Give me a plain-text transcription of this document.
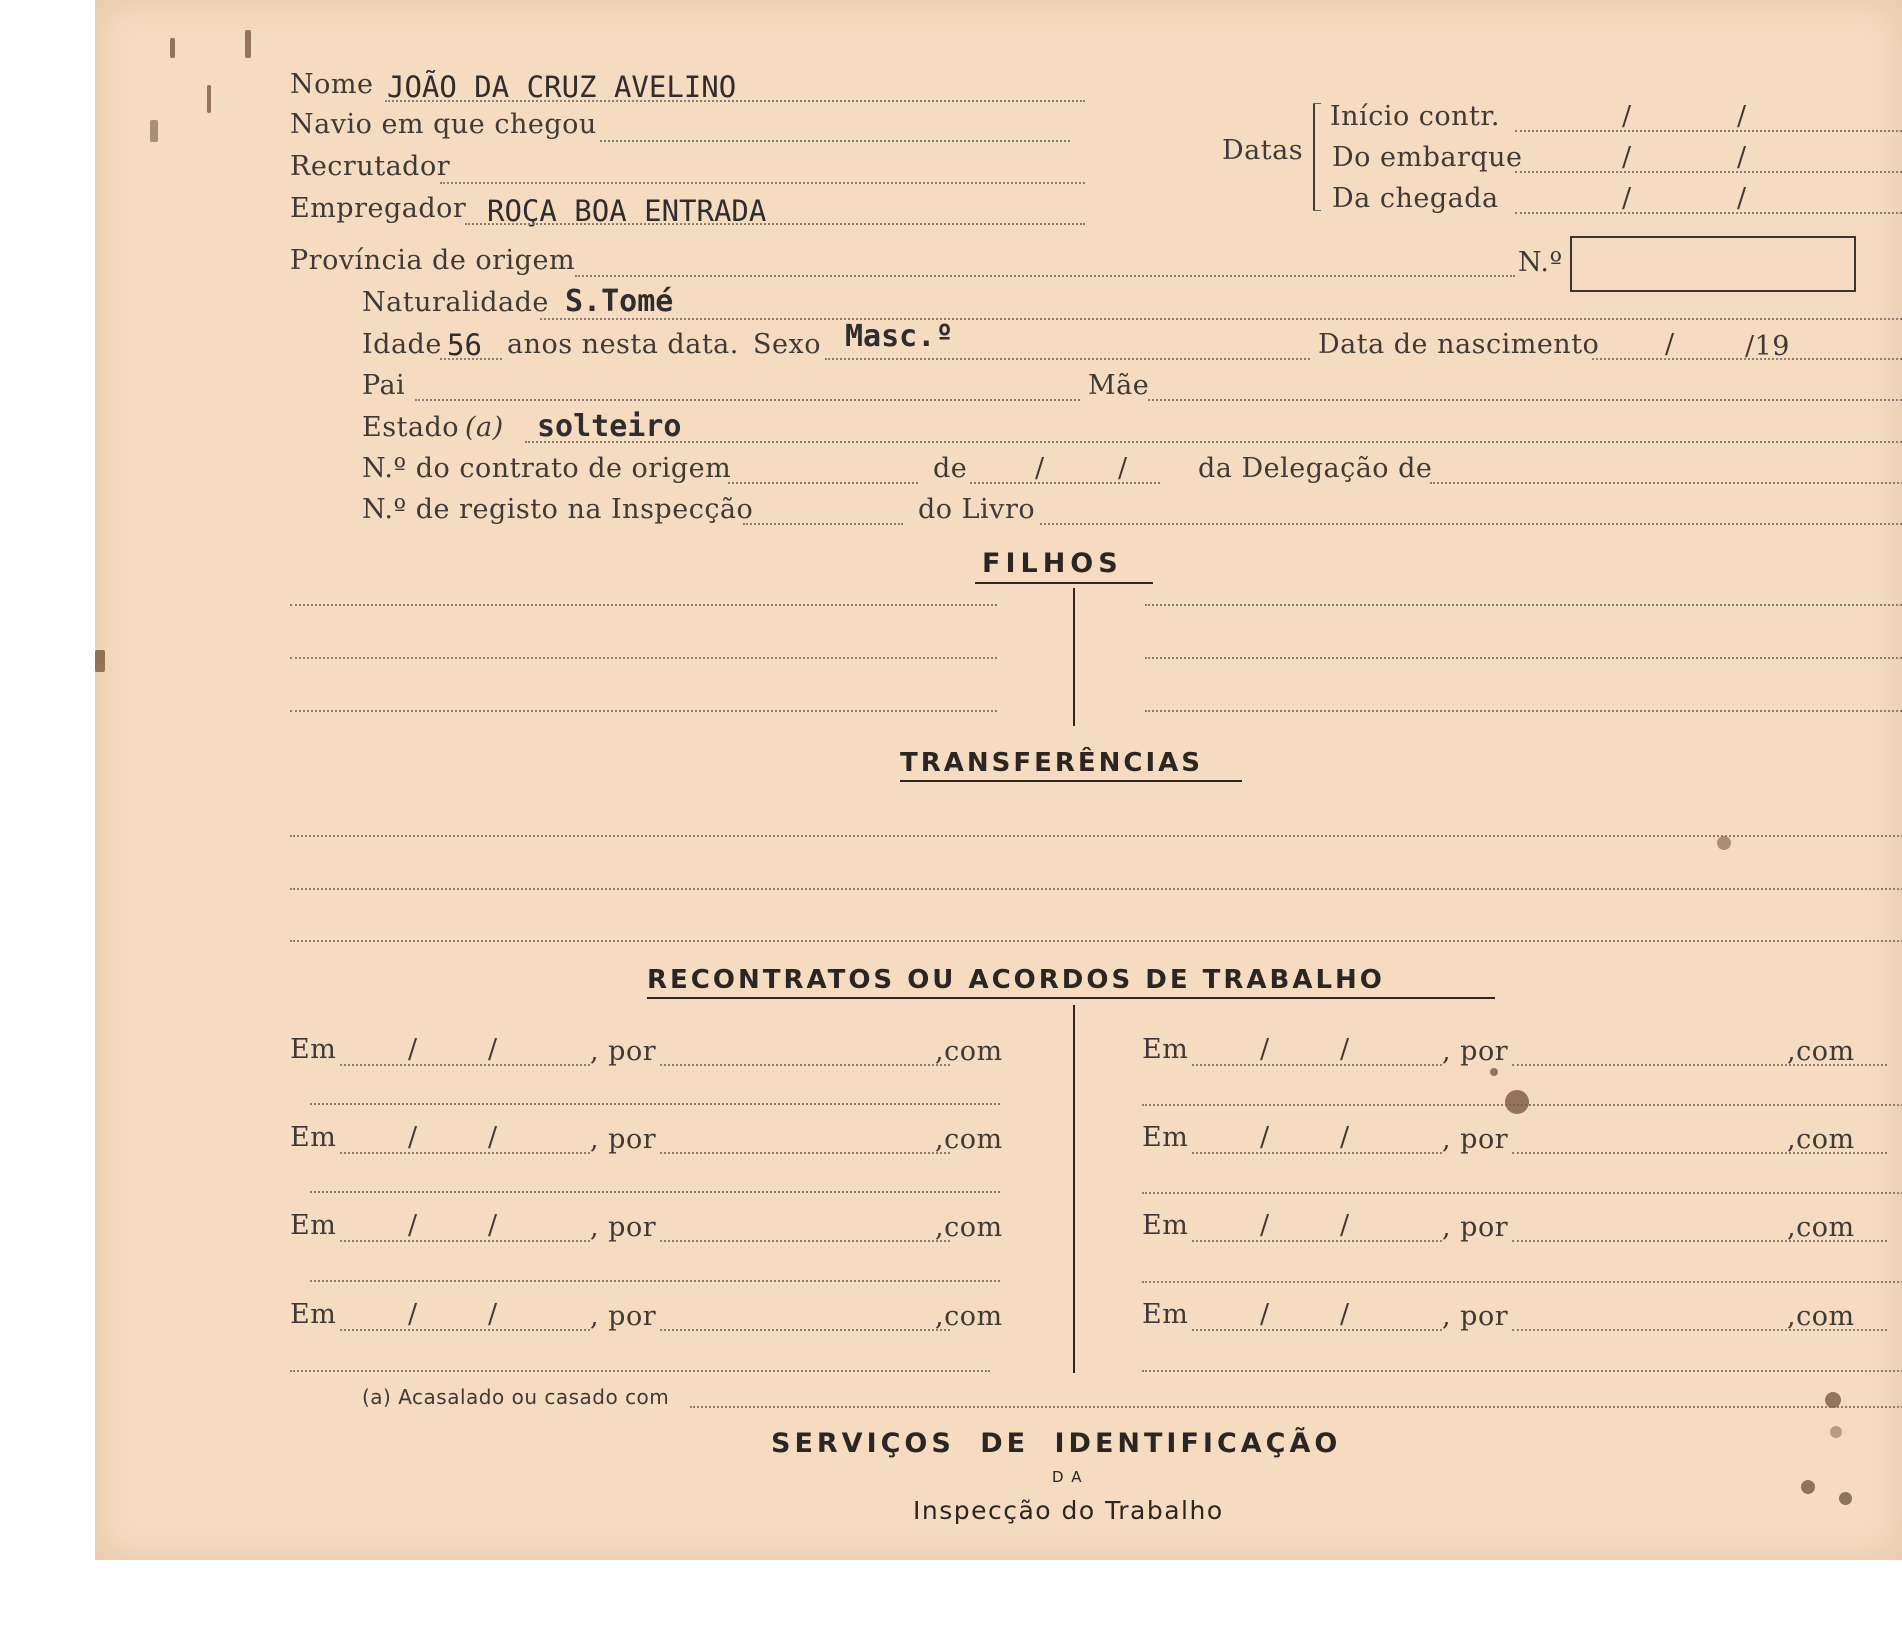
Nome JOÃO DA CRUZ AVELINO
Navio em que chegou
Recrutador
Empregador ROÇA BOA ENTRADA
Datas
Início contr.	/	/
Do embarque	/	/
Da chegada	/	/
Província de origem	N.º
Naturalidade S.Tomé
Idade 56 anos nesta data. Sexo Masc.º	Data de nascimento /	/19
Pai	Mãe
Estado (a) solteiro
N.º do contrato de origem	de	/	/	da Delegação de
N.º de registo na Inspecção	do Livro
FILHOS
TRANSFERÊNCIAS
RECONTRATOS OU ACORDOS DE TRABALHO
Em	/	/	, por	,com
Em	/	/	, por	,com
Em	/	/	, por	,com
Em	/	/	, por	,com
Em	/	/	, por	,com
Em	/	/	, por	,com
Em	/	/	, por	,com
Em	/	/	, por	,com
(a) Acasalado ou casado com
SERVIÇOS DE IDENTIFICAÇÃO
DA
Inspecção do Trabalho
